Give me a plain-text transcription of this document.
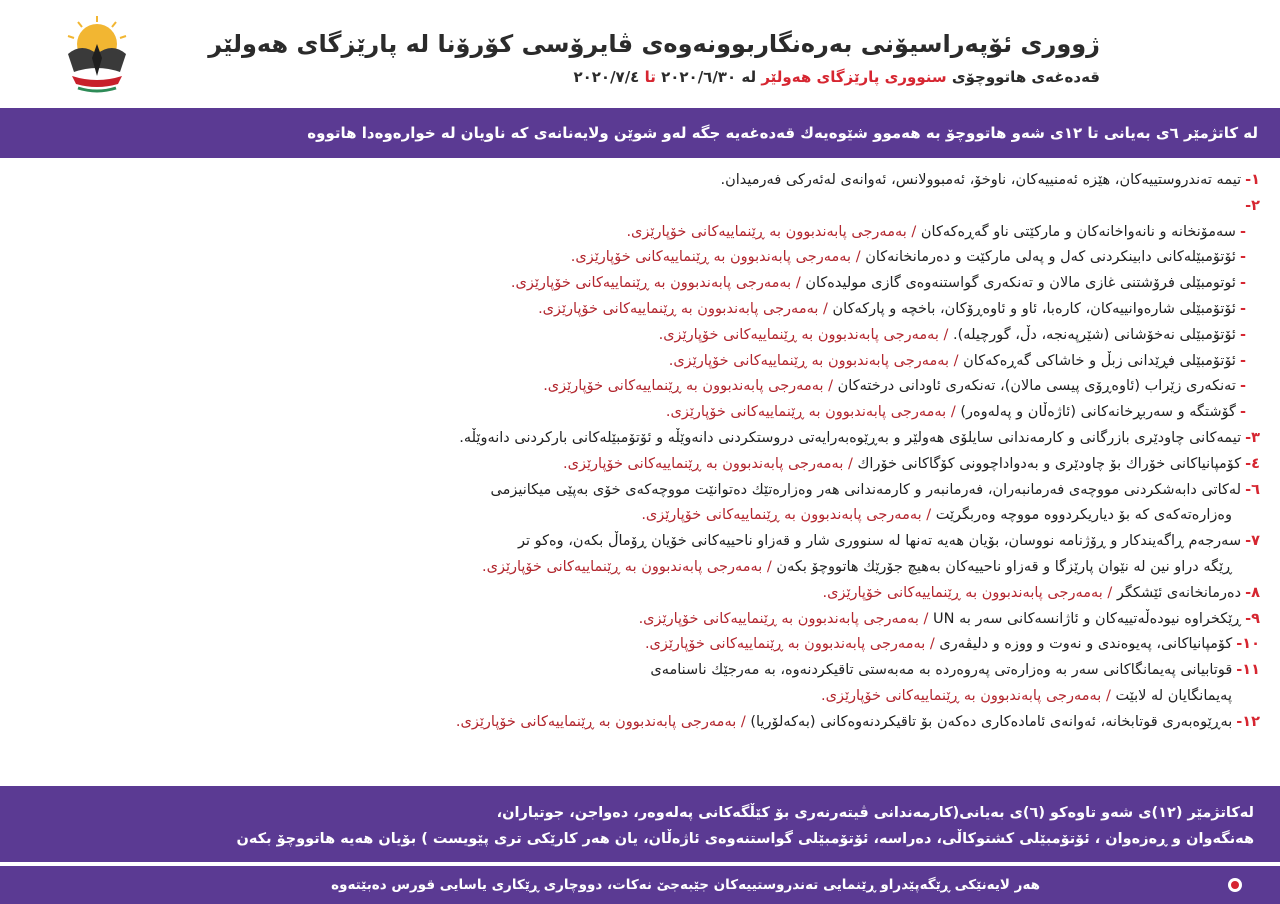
ژووری ئۆپەراسیۆنی بەرەنگاربوونەوەی ڤایرۆسی کۆرۆنا لە پارێزگای هەولێر
قەدەغەی هاتووچۆی سنووری پارێزگای هەولێر لە ٢٠٢٠/٦/٣٠ تا ٢٠٢٠/٧/٤
لە کاتژمێر ٦ی بەیانی تا ١٢ی شەو هاتووچۆ بە هەموو شێوەیەك قەدەغەیە جگە لەو شوێن ولایەنانەی کە ناویان لە خوارەوەدا هاتووە
١-تیمە تەندروستییەکان، هێزە ئەمنییەکان، ناوخۆ، ئەمبوولانس، ئەوانەی لەئەرکی فەرمیدان.
٢-
-سەمۆنخانە و نانەواخانەکان و مارکێتی ناو گەڕەکەکان / بەمەرجی پابەندبوون بە ڕێنماییەکانی خۆپارێزی.
-ئۆتۆمبێلەکانی دابینکردنی کەل و پەلی مارکێت و دەرمانخانەکان / بەمەرجی پابەندبوون بە ڕێنماییەکانی خۆپارێزی.
-ئوتومبێلی فرۆشتنی غازی مالان و تەنکەری گواستنەوەی گازی مولیدەکان / بەمەرجی پابەندبوون بە ڕێنماییەکانی خۆپارێزی.
-ئۆتۆمبێلی شارەوانییەکان، کارەبا، ئاو و ئاوەڕۆکان، باخچە و پارکەکان / بەمەرجی پابەندبوون بە ڕێنماییەکانی خۆپارێزی.
-ئۆتۆمبێلی نەخۆشانی (شێرپەنجە، دڵ، گورچیلە). / بەمەرجی پابەندبوون بە ڕێنماییەکانی خۆپارێزی.
-ئۆتۆمبێلی فڕێدانی زبڵ و خاشاکی گەڕەکەکان / بەمەرجی پابەندبوون بە ڕێنماییەکانی خۆپارێزی.
-تەنکەری زێراب (ئاوەڕۆی پیسی مالان)، تەنکەری ئاودانی درختەکان / بەمەرجی پابەندبوون بە ڕێنماییەکانی خۆپارێزی.
-گۆشتگە و سەربڕخانەکانی (ئاژەڵان و پەلەوەر) / بەمەرجی پابەندبوون بە ڕێنماییەکانی خۆپارێزی.
٣-تیمەکانی چاودێری بازرگانی و کارمەندانی سایلۆی هەولێر و بەڕێوەبەرایەتی دروستکردنی دانەوێڵە و ئۆتۆمبێلەکانی بارکردنی دانەوێڵە.
٤-کۆمپانیاکانی خۆراك بۆ چاودێری و بەدواداچوونی کۆگاکانی خۆراك / بەمەرجی پابەندبوون بە ڕێنماییەکانی خۆپارێزی.
٦-لەکاتی دابەشکردنی مووچەی فەرمانبەران، فەرمانبەر و کارمەندانی هەر وەزارەتێك دەتوانێت مووچەکەی خۆی بەپێی میکانیزمی
وەزارەتەکەی کە بۆ دیاریکردووە مووچە وەربگرێت / بەمەرجی پابەندبوون بە ڕێنماییەکانی خۆپارێزی.
٧-سەرجەم ڕاگەیندکار و ڕۆژنامە نووسان، بۆیان هەیە تەنها لە سنووری شار و قەزاو ناحییەکانی خۆیان ڕۆماڵ بکەن، وەکو تر
ڕێگە دراو نین لە نێوان پارێزگا و قەزاو ناحییەکان بەهیچ جۆرێك هاتووچۆ بکەن / بەمەرجی پابەندبوون بە ڕێنماییەکانی خۆپارێزی.
٨-دەرمانخانەی ئێشکگر / بەمەرجی پابەندبوون بە ڕێنماییەکانی خۆپارێزی.
٩-ڕێکخراوە نیودەڵەتییەکان و ئاژانسەکانی سەر بە UN / بەمەرجی پابەندبوون بە ڕێنماییەکانی خۆپارێزی.
١٠-کۆمپانیاکانی، پەیوەندی و نەوت و ووزە و دلیڤەری / بەمەرجی پابەندبوون بە ڕێنماییەکانی خۆپارێزی.
١١-قوتابیانی پەیمانگاکانی سەر بە وەزارەتی پەروەردە بە مەبەستی تاقیکردنەوە، بە مەرجێك ناسنامەی
پەیمانگایان لە لابێت / بەمەرجی پابەندبوون بە ڕێنماییەکانی خۆپارێزی.
١٢-بەڕێوەبەری قوتابخانە، ئەوانەی ئامادەکاری دەکەن بۆ تاقیکردنەوەکانی (بەکەلۆریا) / بەمەرجی پابەندبوون بە ڕێنماییەکانی خۆپارێزی.
لەکاتژمێر (١٢)ی شەو تاوەکو (٦)ی بەیانی(کارمەندانی ڤیتەرنەری بۆ کێڵگەکانی پەلەوەر، دەواجن، جوتیاران،
هەنگەوان و ڕەزەوان ، ئۆتۆمبێلی کشتوکاڵی، دەراسە، ئۆتۆمبێلی گواستنەوەی ئاژەڵان، یان هەر کارێکی تری پێویست ) بۆیان هەیە هاتووچۆ بکەن
هەر لایەنێکی ڕێگەپێدراو ڕێنمایی تەندروستییەکان جێبەجێ نەکات، دووچاری ڕێکاری یاسایی قورس دەبێتەوە
